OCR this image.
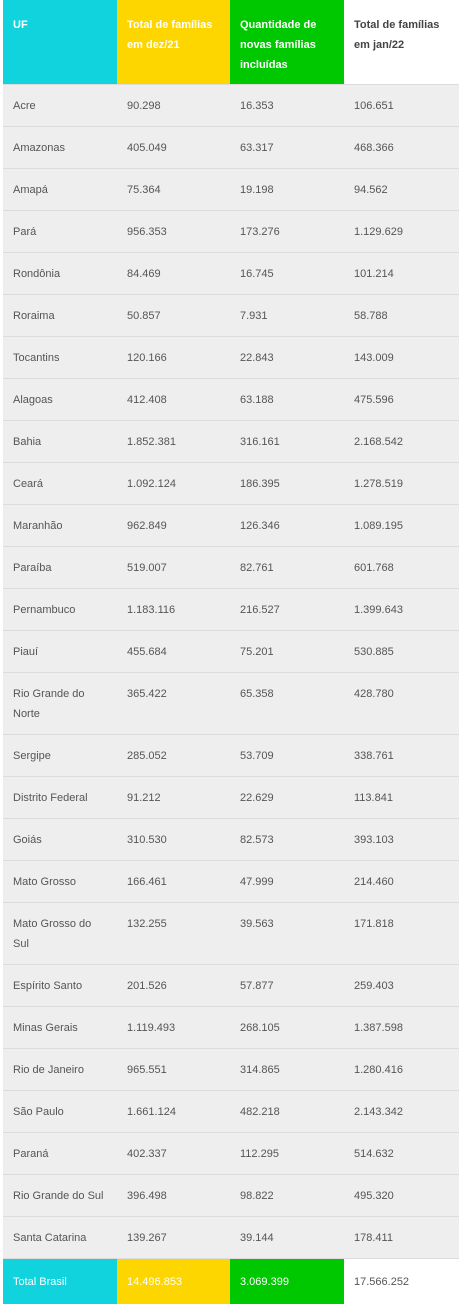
UF	Total de famílias em dez/21	Quantidade de novas famílias incluídas	Total de famílias em jan/22
Acre	90.298	16.353	106.651
Amazonas	405.049	63.317	468.366
Amapá	75.364	19.198	94.562
Pará	956.353	173.276	1.129.629
Rondônia	84.469	16.745	101.214
Roraima	50.857	7.931	58.788
Tocantins	120.166	22.843	143.009
Alagoas	412.408	63.188	475.596
Bahia	1.852.381	316.161	2.168.542
Ceará	1.092.124	186.395	1.278.519
Maranhão	962.849	126.346	1.089.195
Paraíba	519.007	82.761	601.768
Pernambuco	1.183.116	216.527	1.399.643
Piauí	455.684	75.201	530.885
Rio Grande do Norte	365.422	65.358	428.780
Sergipe	285.052	53.709	338.761
Distrito Federal	91.212	22.629	113.841
Goiás	310.530	82.573	393.103
Mato Grosso	166.461	47.999	214.460
Mato Grosso do Sul	132.255	39.563	171.818
Espírito Santo	201.526	57.877	259.403
Minas Gerais	1.119.493	268.105	1.387.598
Rio de Janeiro	965.551	314.865	1.280.416
São Paulo	1.661.124	482.218	2.143.342
Paraná	402.337	112.295	514.632
Rio Grande do Sul	396.498	98.822	495.320
Santa Catarina	139.267	39.144	178.411
Total Brasil	14.496.853	3.069.399	17.566.252
